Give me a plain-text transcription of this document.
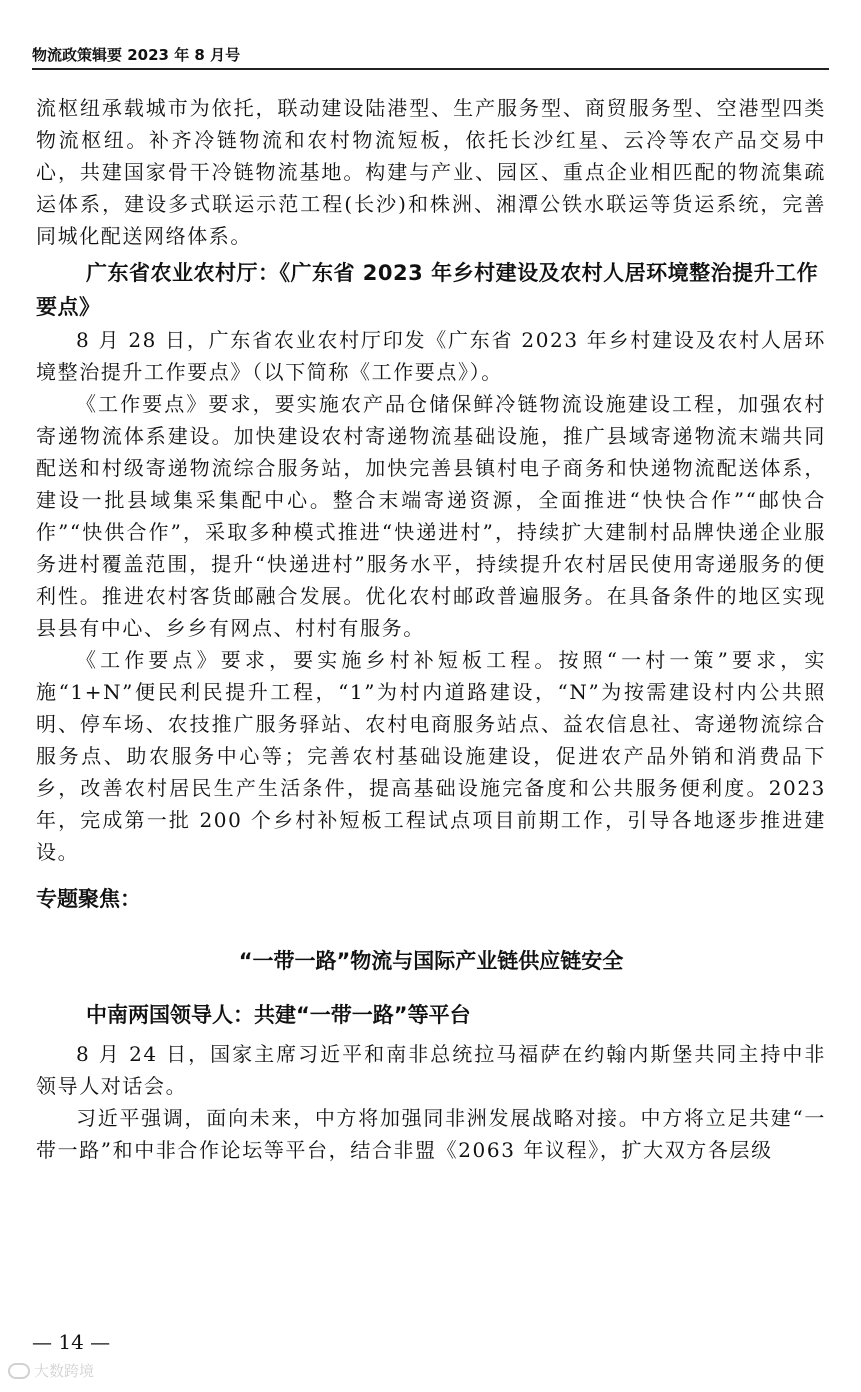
物流政策辑要 2023 年 8 月号

流枢纽承载城市为依托，联动建设陆港型、生产服务型、商贸服务型、空港型四类物流枢纽。补齐冷链物流和农村物流短板，依托长沙红星、云冷等农产品交易中心，共建国家骨干冷链物流基地。构建与产业、园区、重点企业相匹配的物流集疏运体系，建设多式联运示范工程(长沙)和株洲、湘潭公铁水联运等货运系统，完善同城化配送网络体系。

广东省农业农村厅：《广东省 2023 年乡村建设及农村人居环境整治提升工作要点》

8 月 28 日，广东省农业农村厅印发《广东省 2023 年乡村建设及农村人居环境整治提升工作要点》（以下简称《工作要点》）。

《工作要点》要求，要实施农产品仓储保鲜冷链物流设施建设工程，加强农村寄递物流体系建设。加快建设农村寄递物流基础设施，推广县域寄递物流末端共同配送和村级寄递物流综合服务站，加快完善县镇村电子商务和快递物流配送体系，建设一批县域集采集配中心。整合末端寄递资源，全面推进“快快合作”“邮快合作”“快供合作”，采取多种模式推进“快递进村”，持续扩大建制村品牌快递企业服务进村覆盖范围，提升“快递进村”服务水平，持续提升农村居民使用寄递服务的便利性。推进农村客货邮融合发展。优化农村邮政普遍服务。在具备条件的地区实现县县有中心、乡乡有网点、村村有服务。

《工作要点》要求，要实施乡村补短板工程。按照“一村一策”要求，实施“1+N”便民利民提升工程，“1”为村内道路建设，“N”为按需建设村内公共照明、停车场、农技推广服务驿站、农村电商服务站点、益农信息社、寄递物流综合服务点、助农服务中心等；完善农村基础设施建设，促进农产品外销和消费品下乡，改善农村居民生产生活条件，提高基础设施完备度和公共服务便利度。2023年，完成第一批 200 个乡村补短板工程试点项目前期工作，引导各地逐步推进建设。

专题聚焦：
“一带一路”物流与国际产业链供应链安全
中南两国领导人：共建“一带一路”等平台

8 月 24 日，国家主席习近平和南非总统拉马福萨在约翰内斯堡共同主持中非领导人对话会。

习近平强调，面向未来，中方将加强同非洲发展战略对接。中方将立足共建“一带一路”和中非合作论坛等平台，结合非盟《2063 年议程》，扩大双方各层级

— 14 —
大数跨境
